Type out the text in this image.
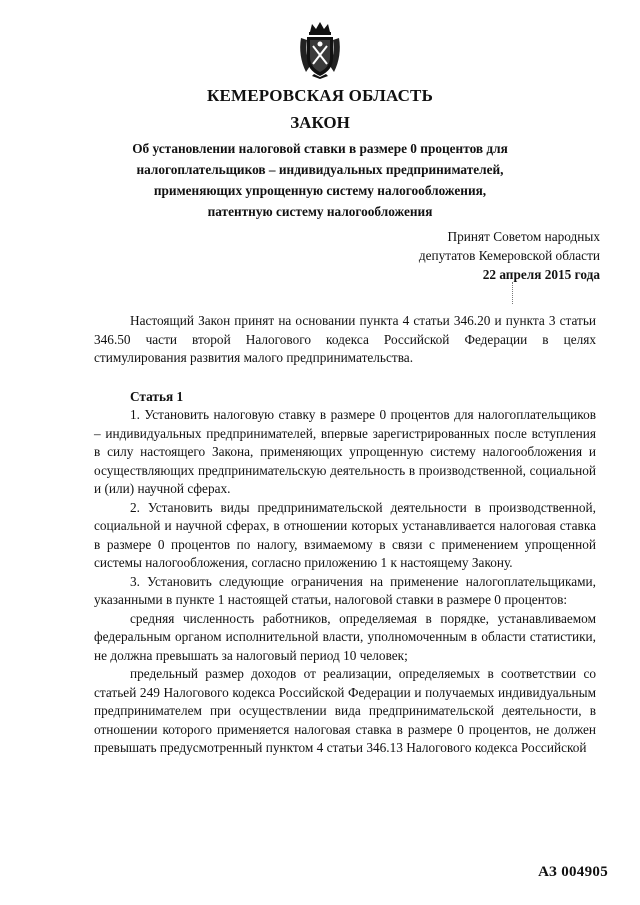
КЕМЕРОВСКАЯ ОБЛАСТЬ
ЗАКОН
Об установлении налоговой ставки в размере 0 процентов для
налогоплательщиков – индивидуальных предпринимателей,
применяющих упрощенную систему налогообложения,
патентную систему налогообложения
Принят Советом народных
депутатов Кемеровской области
22 апреля 2015 года

Настоящий Закон принят на основании пункта 4 статьи 346.20 и пункта 3 статьи 346.50 части второй Налогового кодекса Российской Федерации в целях стимулирования развития малого предпринимательства.

Статья 1

1. Установить налоговую ставку в размере 0 процентов для налогоплательщиков – индивидуальных предпринимателей, впервые зарегистрированных после вступления в силу настоящего Закона, применяющих упрощенную систему налогообложения и осуществляющих предпринимательскую деятельность в производственной, социальной и (или) научной сферах.

2. Установить виды предпринимательской деятельности в производственной, социальной и научной сферах, в отношении которых устанавливается налоговая ставка в размере 0 процентов по налогу, взимаемому в связи с применением упрощенной системы налогообложения, согласно приложению 1 к настоящему Закону.

3. Установить следующие ограничения на применение налогоплательщиками, указанными в пункте 1 настоящей статьи, налоговой ставки в размере 0 процентов:

средняя численность работников, определяемая в порядке, устанавливаемом федеральным органом исполнительной власти, уполномоченным в области статистики, не должна превышать за налоговый период 10 человек;

предельный размер доходов от реализации, определяемых в соответствии со статьей 249 Налогового кодекса Российской Федерации и получаемых индивидуальным предпринимателем при осуществлении вида предпринимательской деятельности, в отношении которого применяется налоговая ставка в размере 0 процентов, не должен превышать предусмотренный пунктом 4 статьи 346.13 Налогового кодекса Российской

АЗ 004905
